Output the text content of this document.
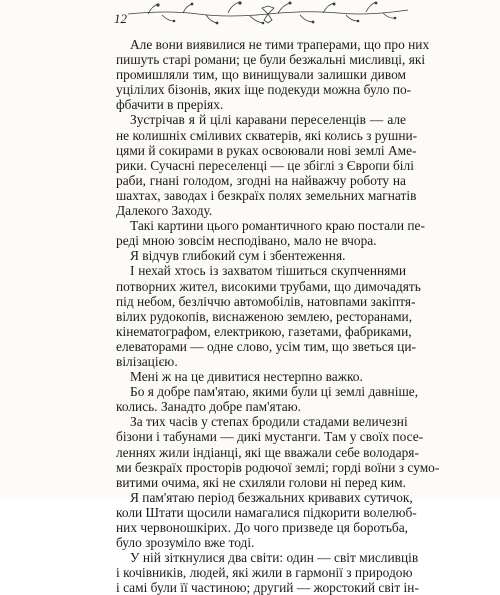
12
Але вони виявилися не тими трaперами, що про них
пишуть старі романи; це були безжальні мисливці, які
промишляли тим, що винищували залишки дивом
уцілілих бізонів, яких іще подекуди можна було по-
фбачити в преріях.
Зустрічав я й цілі каравани переселенців — але
не колишніх сміливих скватерів, які колись з рушни-
цями й сокирами в руках освоювали нові землі Аме-
рики. Сучасні переселенці — це збіглі з Європи білі
раби, гнані голодом, згодні на найважчу роботу на
шахтах, заводах і безкраїх полях земельних магнатів
Далекого Заходу.
Такі картини цього романтичного краю постали пе-
реді мною зовсім несподівано, мало не вчора.
Я відчув глибокий сум і збентеження.
І нехай хтось із захватом тішиться скупченнями
потворних жител, високими трубами, що димочадять
під небом, безліччю автомобілів, натовпами закіптя-
вілих рудокопів, виснаженою землею, ресторанами,
кінематографом, електрикою, газетами, фабриками,
елеваторами — одне слово, усім тим, що зветься ци-
вілізацією.
Мені ж на це дивитися нестерпно важко.
Бо я добре пам'ятаю, якими були ці землі давніше,
колись. Занадто добре пам'ятаю.
За тих часів у степах бродили стадами величезні
бізони і табунами — дикі мустанги. Там у своїх посе-
леннях жили індіанці, які ще вважали себе володаря-
ми безкраїх просторів родючої землі; горді воїни з сумо-
витими очима, які не схиляли голови ні перед ким.
Я пам'ятаю період безжальних кривавих сутичок,
коли Штати щосили намагалися підкорити волелюб-
них червоношкірих. До чого призведе ця боротьба,
було зрозуміло вже тоді.
У ній зіткнулися два світи: один — світ мисливців
і кочівників, людей, які жили в гармонії з природою
і самі були її частиною; другий — жорстокий світ ін-
